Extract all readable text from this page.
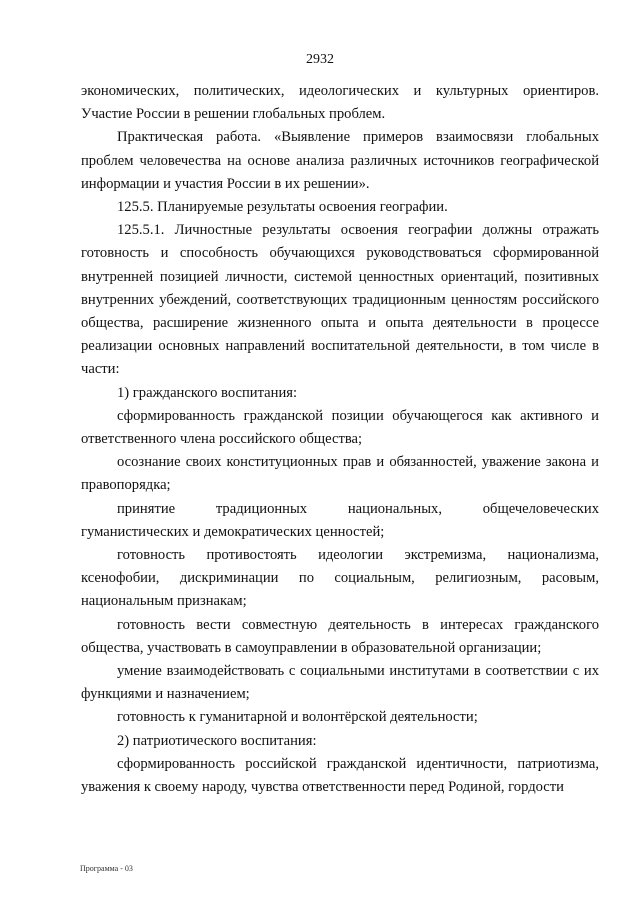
2932

экономических, политических, идеологических и культурных ориентиров. Участие России в решении глобальных проблем.

Практическая работа. «Выявление примеров взаимосвязи глобальных проблем человечества на основе анализа различных источников географической информации и участия России в их решении».

125.5. Планируемые результаты освоения географии.

125.5.1. Личностные результаты освоения географии должны отражать готовность и способность обучающихся руководствоваться сформированной внутренней позицией личности, системой ценностных ориентаций, позитивных внутренних убеждений, соответствующих традиционным ценностям российского общества, расширение жизненного опыта и опыта деятельности в процессе реализации основных направлений воспитательной деятельности, в том числе в части:

1) гражданского воспитания:

сформированность гражданской позиции обучающегося как активного и ответственного члена российского общества;

осознание своих конституционных прав и обязанностей, уважение закона и правопорядка;

принятие традиционных национальных, общечеловеческих гуманистических и демократических ценностей;

готовность противостоять идеологии экстремизма, национализма, ксенофобии, дискриминации по социальным, религиозным, расовым, национальным признакам;

готовность вести совместную деятельность в интересах гражданского общества, участвовать в самоуправлении в образовательной организации;

умение взаимодействовать с социальными институтами в соответствии с их функциями и назначением;

готовность к гуманитарной и волонтёрской деятельности;

2) патриотического воспитания:

сформированность российской гражданской идентичности, патриотизма, уважения к своему народу, чувства ответственности перед Родиной, гордости

Программа - 03
